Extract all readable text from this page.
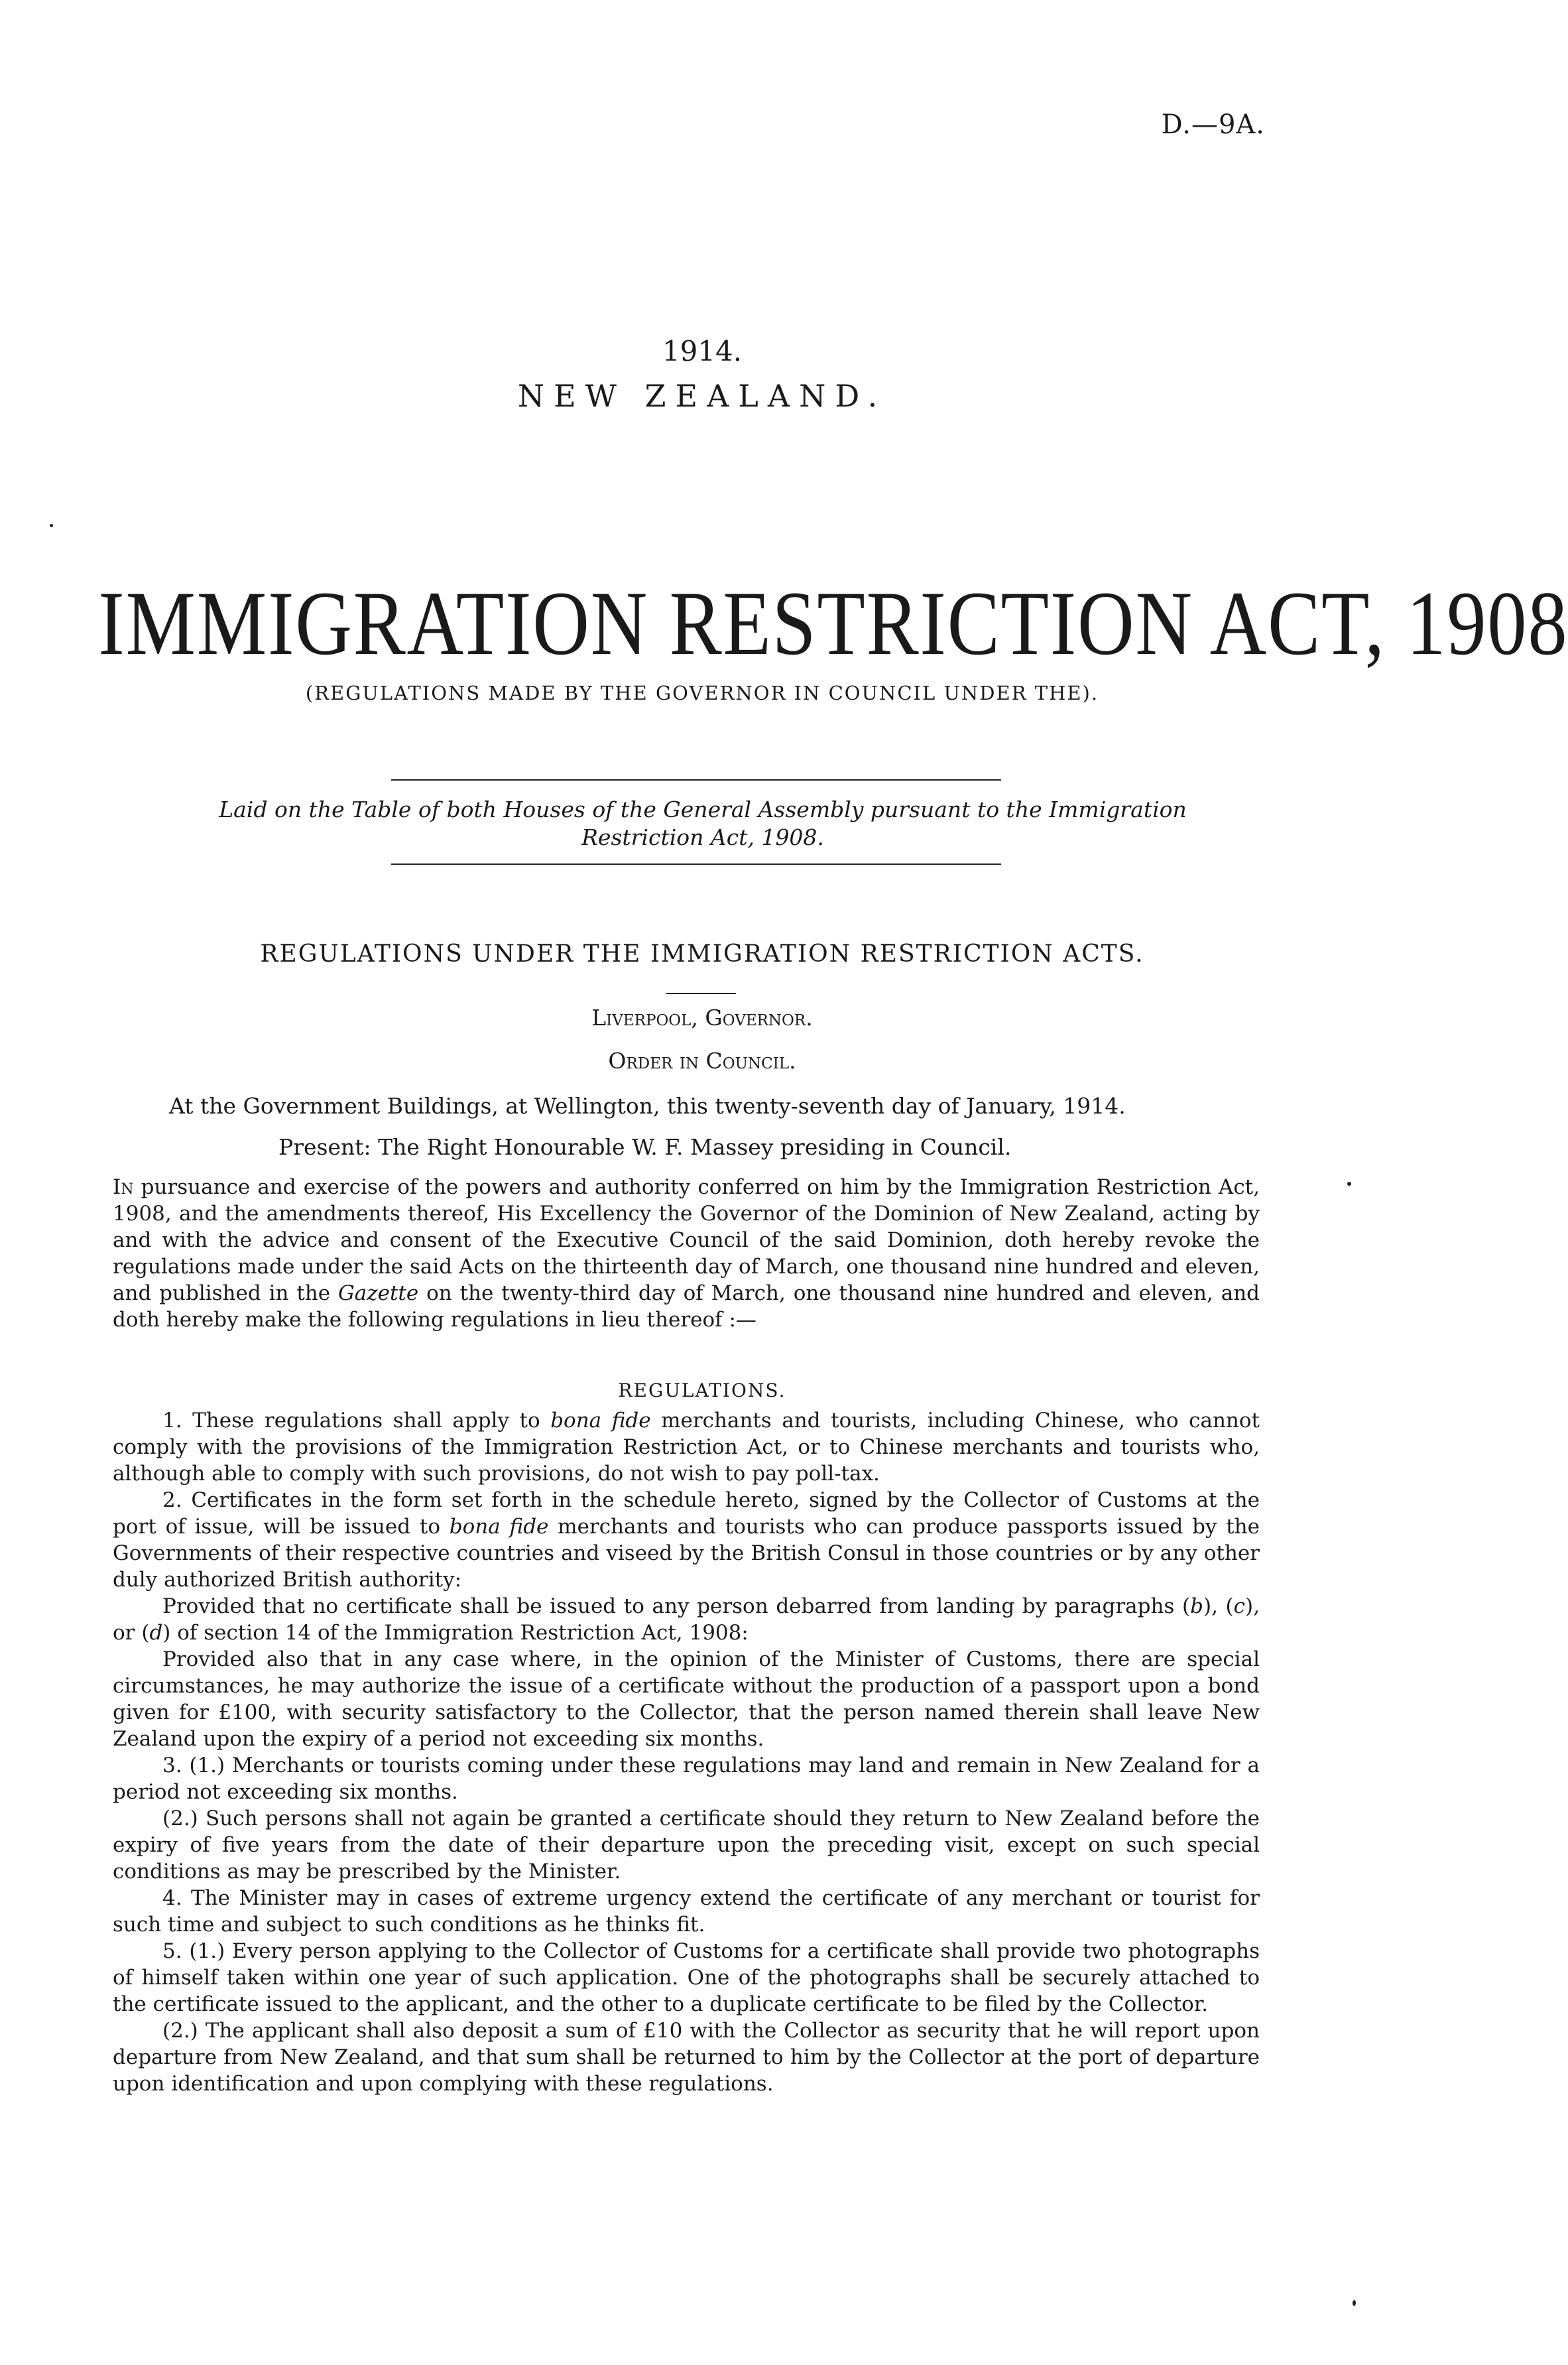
D.—9A.
1914.
NEW ZEALAND.
IMMIGRATION RESTRICTION ACT, 1908
(REGULATIONS MADE BY THE GOVERNOR IN COUNCIL UNDER THE).
Laid on the Table of both Houses of the General Assembly pursuant to the Immigration Restriction Act, 1908.
REGULATIONS UNDER THE IMMIGRATION RESTRICTION ACTS.
Liverpool, Governor.
Order in Council.
At the Government Buildings, at Wellington, this twenty-seventh day of January, 1914.
Present: The Right Honourable W. F. Massey presiding in Council.

In pursuance and exercise of the powers and authority conferred on him by the Immigration Restriction Act, 1908, and the amendments thereof, His Excellency the Governor of the Dominion of New Zealand, acting by and with the advice and consent of the Executive Council of the said Dominion, doth hereby revoke the regulations made under the said Acts on the thirteenth day of March, one thousand nine hundred and eleven, and published in the Gazette on the twenty-third day of March, one thousand nine hundred and eleven, and doth hereby make the following regulations in lieu thereof :—

REGULATIONS.

1. These regulations shall apply to bona fide merchants and tourists, including Chinese, who cannot comply with the provisions of the Immigration Restriction Act, or to Chinese merchants and tourists who, although able to comply with such provisions, do not wish to pay poll-tax.

2. Certificates in the form set forth in the schedule hereto, signed by the Collector of Customs at the port of issue, will be issued to bona fide merchants and tourists who can produce passports issued by the Governments of their respective countries and viseed by the British Consul in those countries or by any other duly authorized British authority:

Provided that no certificate shall be issued to any person debarred from landing by paragraphs (b), (c), or (d) of section 14 of the Immigration Restriction Act, 1908:

Provided also that in any case where, in the opinion of the Minister of Customs, there are special circumstances, he may authorize the issue of a certificate without the production of a passport upon a bond given for £100, with security satisfactory to the Collector, that the person named therein shall leave New Zealand upon the expiry of a period not exceeding six months.

3. (1.) Merchants or tourists coming under these regulations may land and remain in New Zealand for a period not exceeding six months.

(2.) Such persons shall not again be granted a certificate should they return to New Zealand before the expiry of five years from the date of their departure upon the preceding visit, except on such special conditions as may be prescribed by the Minister.

4. The Minister may in cases of extreme urgency extend the certificate of any merchant or tourist for such time and subject to such conditions as he thinks fit.

5. (1.) Every person applying to the Collector of Customs for a certificate shall provide two photographs of himself taken within one year of such application. One of the photographs shall be securely attached to the certificate issued to the applicant, and the other to a duplicate certificate to be filed by the Collector.

(2.) The applicant shall also deposit a sum of £10 with the Collector as security that he will report upon departure from New Zealand, and that sum shall be returned to him by the Collector at the port of departure upon identification and upon complying with these regulations.
